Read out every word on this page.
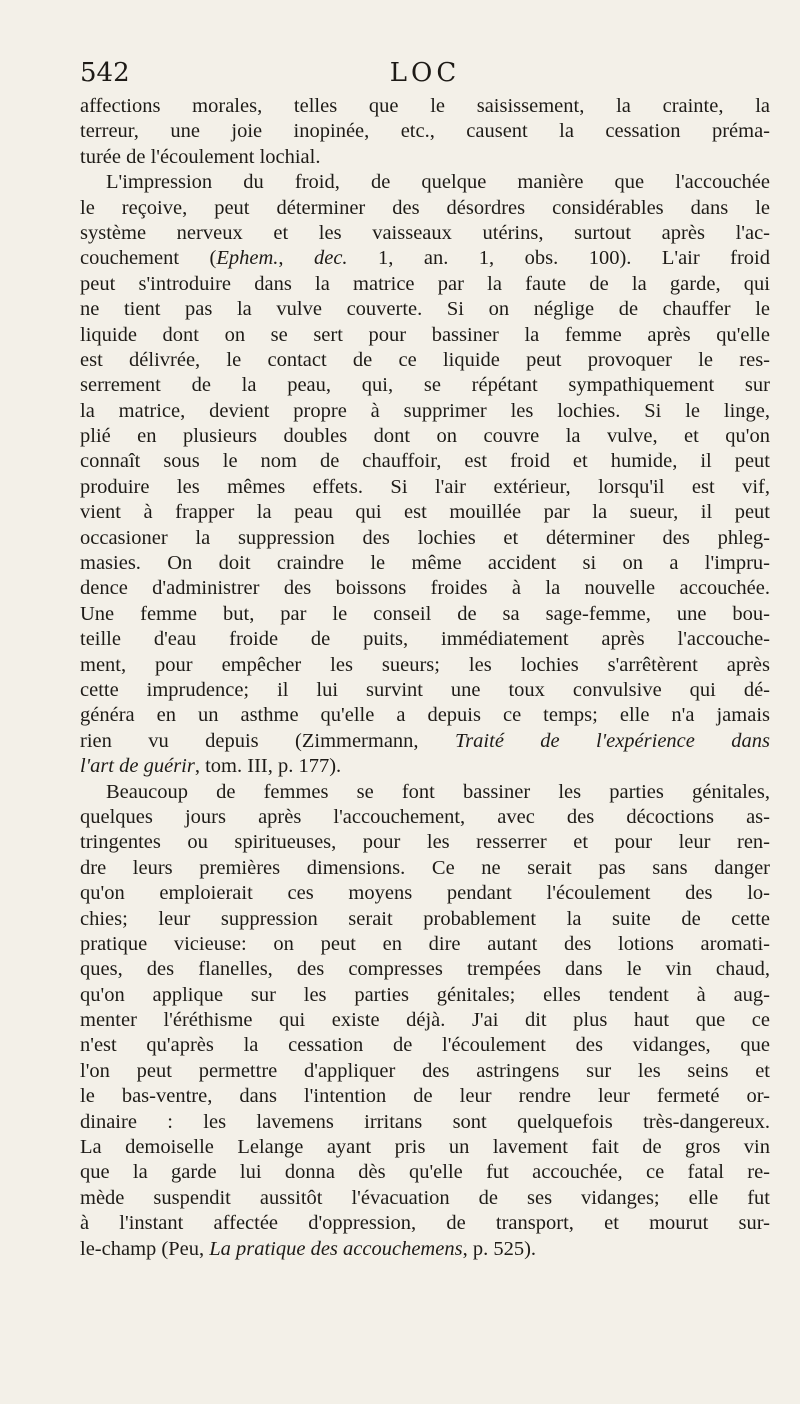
542	LOC
affections morales, telles que le saisissement, la crainte, la
terreur, une joie inopinée, etc., causent la cessation préma-
turée de l'écoulement lochial.
L'impression du froid, de quelque manière que l'accouchée
le reçoive, peut déterminer des désordres considérables dans le
système nerveux et les vaisseaux utérins, surtout après l'ac-
couchement (Ephem., dec. 1, an. 1, obs. 100). L'air froid
peut s'introduire dans la matrice par la faute de la garde, qui
ne tient pas la vulve couverte. Si on néglige de chauffer le
liquide dont on se sert pour bassiner la femme après qu'elle
est délivrée, le contact de ce liquide peut provoquer le res-
serrement de la peau, qui, se répétant sympathiquement sur
la matrice, devient propre à supprimer les lochies. Si le linge,
plié en plusieurs doubles dont on couvre la vulve, et qu'on
connaît sous le nom de chauffoir, est froid et humide, il peut
produire les mêmes effets. Si l'air extérieur, lorsqu'il est vif,
vient à frapper la peau qui est mouillée par la sueur, il peut
occasioner la suppression des lochies et déterminer des phleg-
masies. On doit craindre le même accident si on a l'impru-
dence d'administrer des boissons froides à la nouvelle accouchée.
Une femme but, par le conseil de sa sage-femme, une bou-
teille d'eau froide de puits, immédiatement après l'accouche-
ment, pour empêcher les sueurs; les lochies s'arrêtèrent après
cette imprudence; il lui survint une toux convulsive qui dé-
généra en un asthme qu'elle a depuis ce temps; elle n'a jamais
rien vu depuis (Zimmermann, Traité de l'expérience dans
l'art de guérir, tom. III, p. 177).
Beaucoup de femmes se font bassiner les parties génitales,
quelques jours après l'accouchement, avec des décoctions as-
tringentes ou spiritueuses, pour les resserrer et pour leur ren-
dre leurs premières dimensions. Ce ne serait pas sans danger
qu'on emploierait ces moyens pendant l'écoulement des lo-
chies; leur suppression serait probablement la suite de cette
pratique vicieuse: on peut en dire autant des lotions aromati-
ques, des flanelles, des compresses trempées dans le vin chaud,
qu'on applique sur les parties génitales; elles tendent à aug-
menter l'éréthisme qui existe déjà. J'ai dit plus haut que ce
n'est qu'après la cessation de l'écoulement des vidanges, que
l'on peut permettre d'appliquer des astringens sur les seins et
le bas-ventre, dans l'intention de leur rendre leur fermeté or-
dinaire : les lavemens irritans sont quelquefois très-dangereux.
La demoiselle Lelange ayant pris un lavement fait de gros vin
que la garde lui donna dès qu'elle fut accouchée, ce fatal re-
mède suspendit aussitôt l'évacuation de ses vidanges; elle fut
à l'instant affectée d'oppression, de transport, et mourut sur-
le-champ (Peu, La pratique des accouchemens, p. 525).
